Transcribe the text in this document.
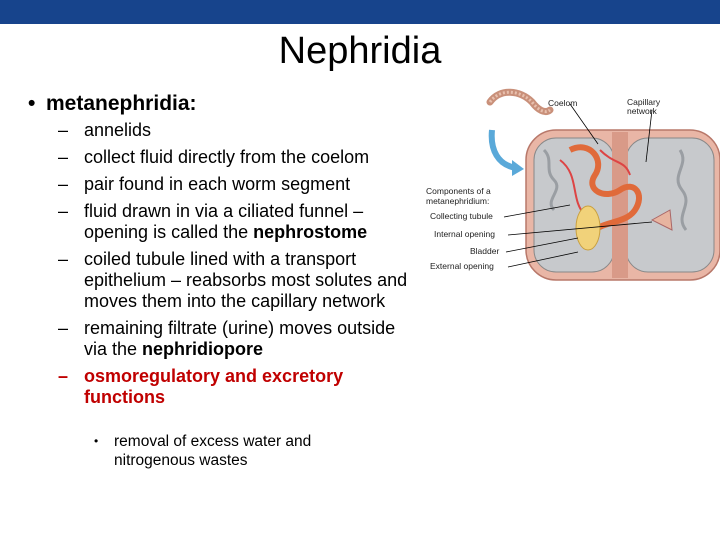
Nephridia
• metanephridia:
– annelids
– collect fluid directly from the coelom
– pair found in each worm segment
– fluid drawn in via a ciliated funnel – opening is called the nephrostome
– coiled tubule lined with a transport epithelium – reabsorbs most solutes and moves them into the capillary network
– remaining filtrate (urine) moves outside via the nephridiopore
– osmoregulatory and excretory functions
•	removal of excess water and nitrogenous wastes
Coelom	Capillary network
Components of a metanephridium:
Collecting tubule
Internal opening
Bladder
External opening
